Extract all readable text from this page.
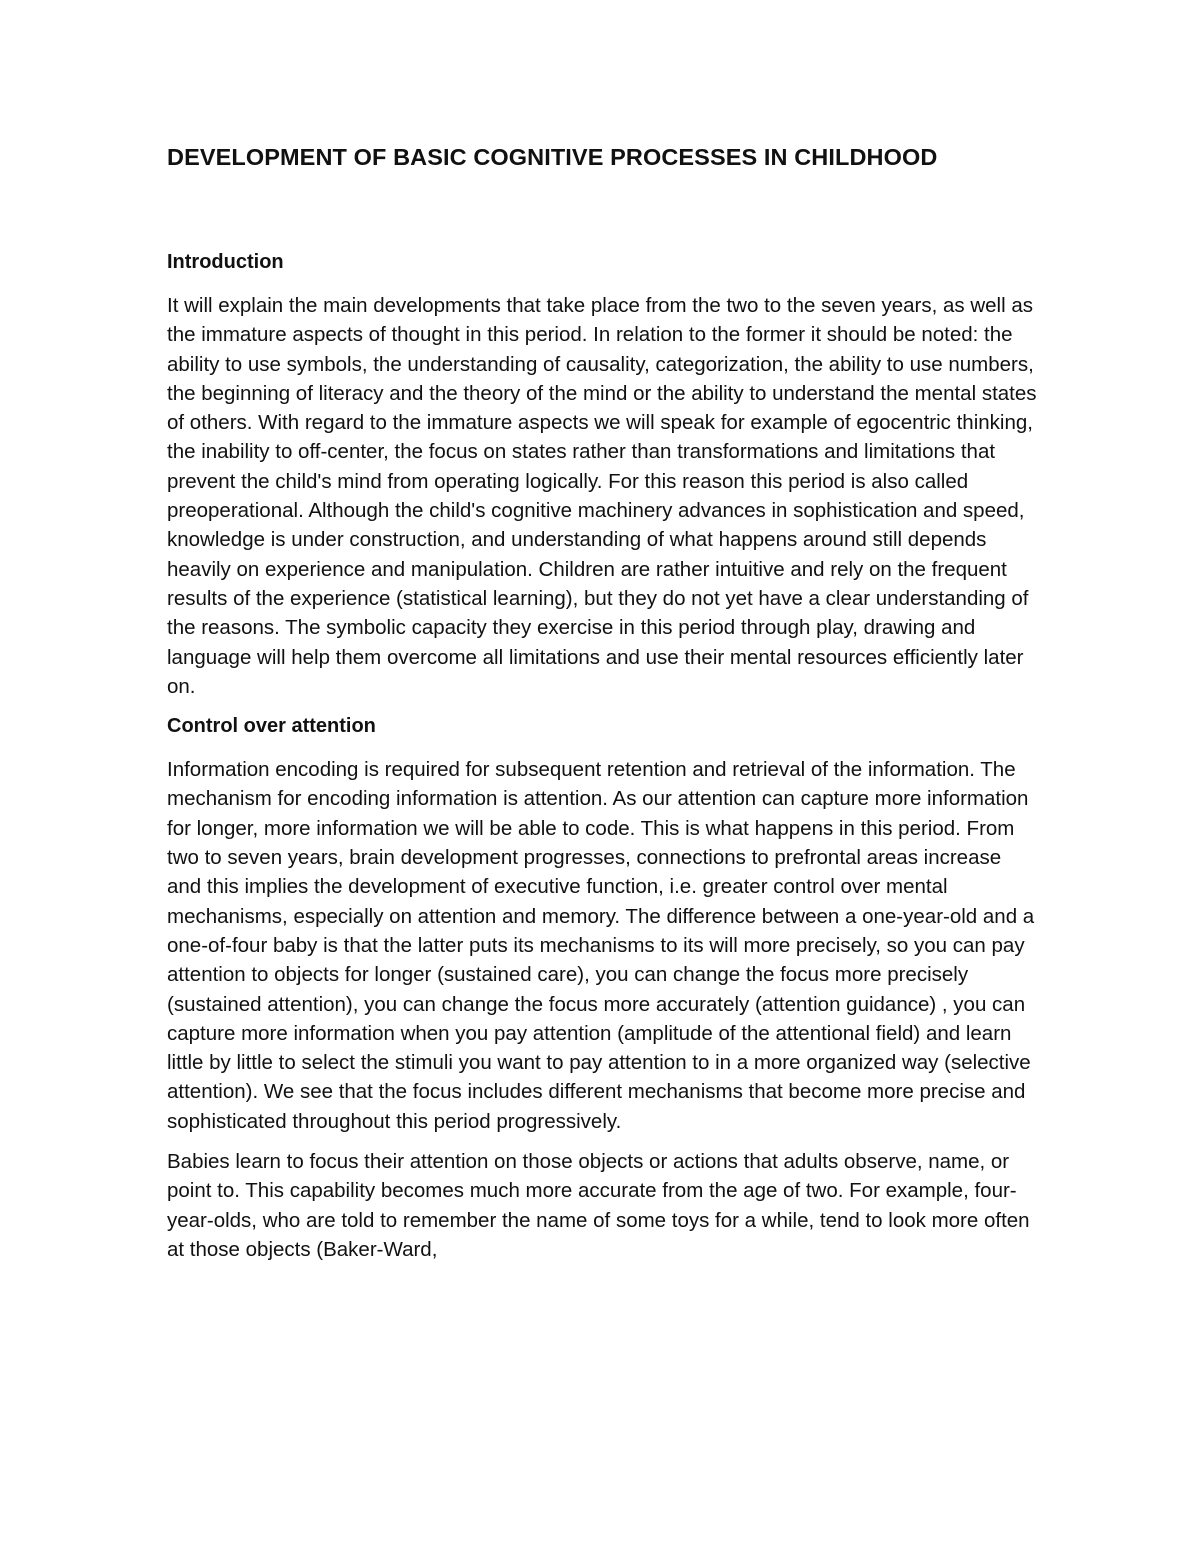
DEVELOPMENT OF BASIC COGNITIVE PROCESSES IN CHILDHOOD
Introduction

It will explain the main developments that take place from the two to the seven years, as well as the immature aspects of thought in this period. In relation to the former it should be noted: the ability to use symbols, the understanding of causality, categorization, the ability to use numbers, the beginning of literacy and the theory of the mind or the ability to understand the mental states of others. With regard to the immature aspects we will speak for example of egocentric thinking, the inability to off-center, the focus on states rather than transformations and limitations that prevent the child's mind from operating logically. For this reason this period is also called preoperational. Although the child's cognitive machinery advances in sophistication and speed, knowledge is under construction, and understanding of what happens around still depends heavily on experience and manipulation. Children are rather intuitive and rely on the frequent results of the experience (statistical learning), but they do not yet have a clear understanding of the reasons. The symbolic capacity they exercise in this period through play, drawing and language will help them overcome all limitations and use their mental resources efficiently later on.

Control over attention

Information encoding is required for subsequent retention and retrieval of the information. The mechanism for encoding information is attention. As our attention can capture more information for longer, more information we will be able to code. This is what happens in this period. From two to seven years, brain development progresses, connections to prefrontal areas increase and this implies the development of executive function, i.e. greater control over mental mechanisms, especially on attention and memory. The difference between a one-year-old and a one-of-four baby is that the latter puts its mechanisms to its will more precisely, so you can pay attention to objects for longer (sustained care), you can change the focus more precisely (sustained attention), you can change the focus more accurately (attention guidance) , you can capture more information when you pay attention (amplitude of the attentional field) and learn little by little to select the stimuli you want to pay attention to in a more organized way (selective attention). We see that the focus includes different mechanisms that become more precise and sophisticated throughout this period progressively.

Babies learn to focus their attention on those objects or actions that adults observe, name, or point to. This capability becomes much more accurate from the age of two. For example, four-year-olds, who are told to remember the name of some toys for a while, tend to look more often at those objects (Baker-Ward,
